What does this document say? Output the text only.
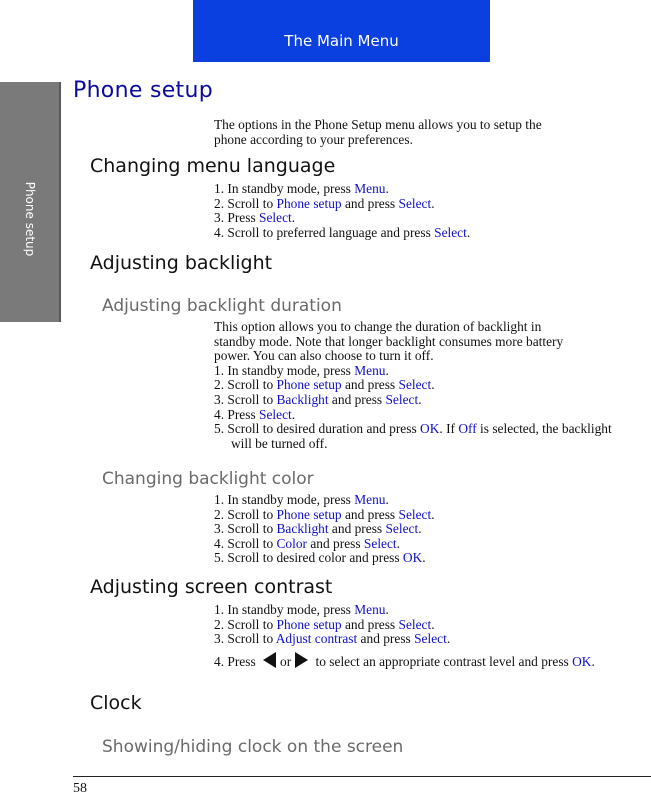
The Main Menu
Phone setup
Phone setup
The options in the Phone Setup menu allows you to setup the
phone according to your preferences.
Changing menu language
1. In standby mode, press Menu.
2. Scroll to Phone setup and press Select.
3. Press Select.
4. Scroll to preferred language and press Select.
Adjusting backlight
Adjusting backlight duration
This option allows you to change the duration of backlight in
standby mode. Note that longer backlight consumes more battery
power. You can also choose to turn it off.
1. In standby mode, press Menu.
2. Scroll to Phone setup and press Select.
3. Scroll to Backlight and press Select.
4. Press Select.
5. Scroll to desired duration and press OK. If Off is selected, the backlight will be turned off.
Changing backlight color
1. In standby mode, press Menu.
2. Scroll to Phone setup and press Select.
3. Scroll to Backlight and press Select.
4. Scroll to Color and press Select.
5. Scroll to desired color and press OK.
Adjusting screen contrast
1. In standby mode, press Menu.
2. Scroll to Phone setup and press Select.
3. Scroll to Adjust contrast and press Select.
4. Press or to select an appropriate contrast level and press OK.
Clock
Showing/hiding clock on the screen
58
